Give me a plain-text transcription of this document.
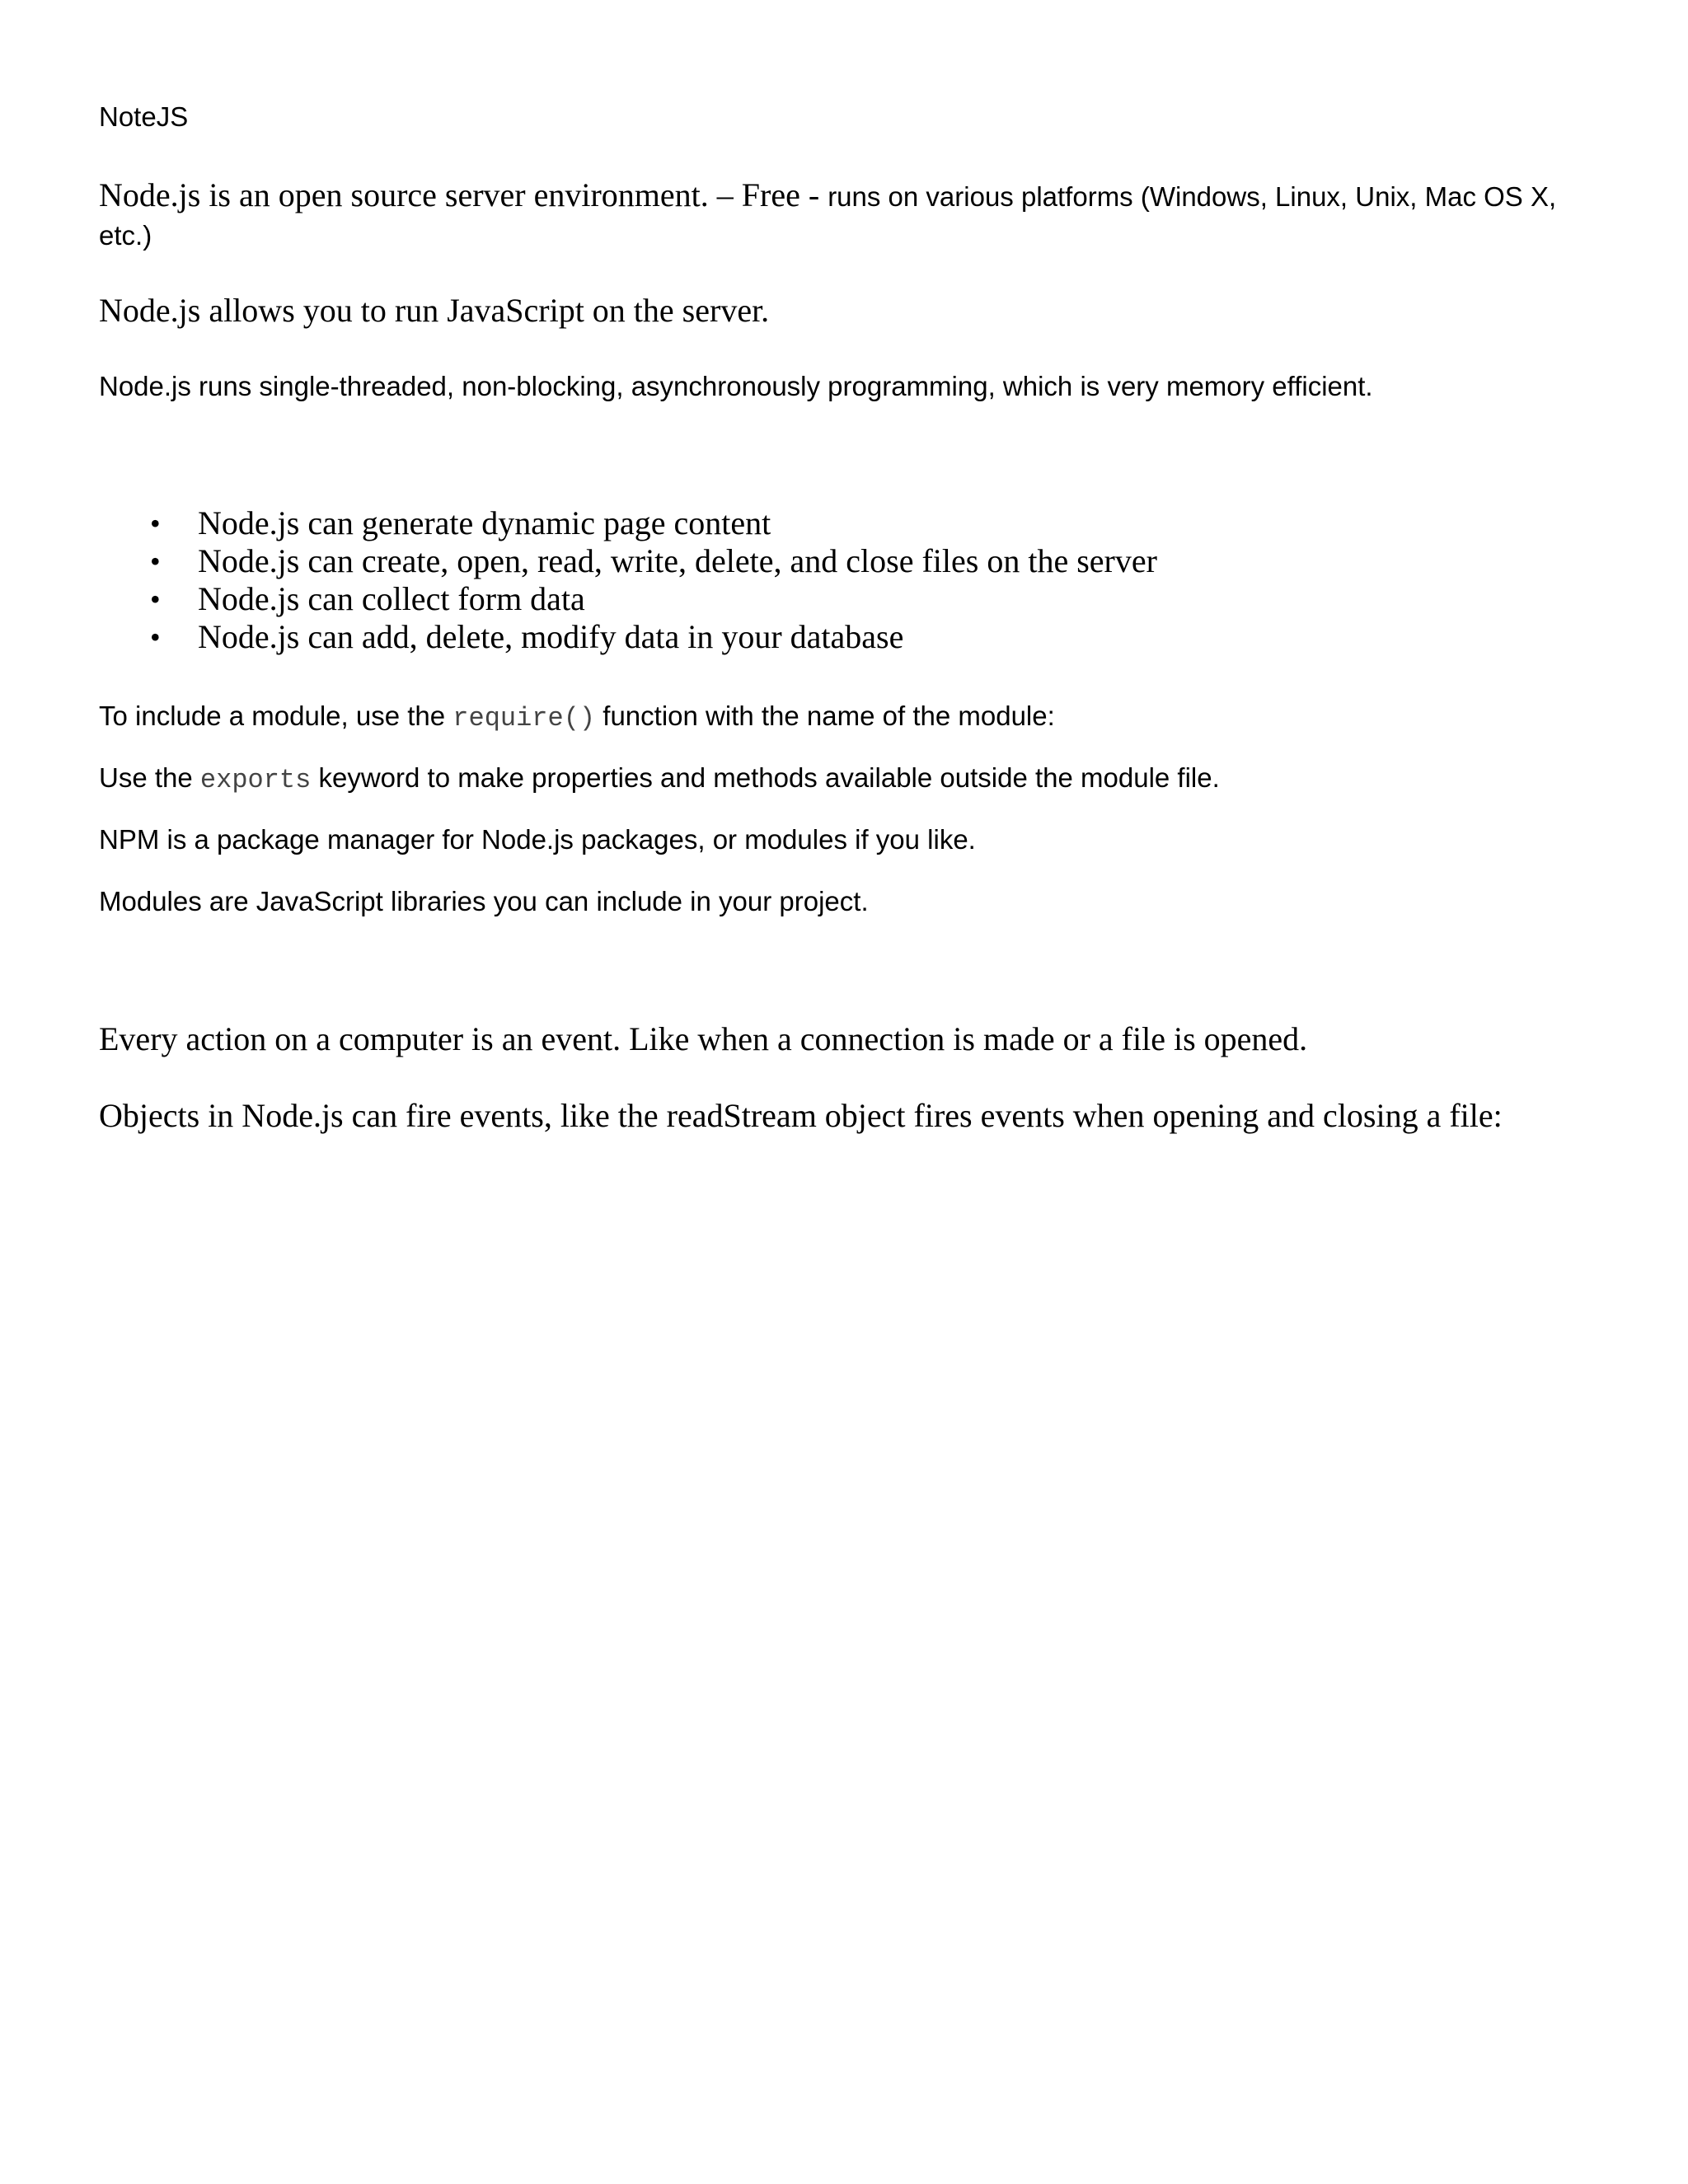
NoteJS
Node.js is an open source server environment. – Free - runs on various platforms (Windows, Linux, Unix, Mac OS X,
etc.)
Node.js allows you to run JavaScript on the server.
Node.js runs single-threaded, non-blocking, asynchronously programming, which is very memory efficient.
• Node.js can generate dynamic page content
• Node.js can create, open, read, write, delete, and close files on the server
• Node.js can collect form data
• Node.js can add, delete, modify data in your database
To include a module, use the require() function with the name of the module:
Use the exports keyword to make properties and methods available outside the module file.
NPM is a package manager for Node.js packages, or modules if you like.
Modules are JavaScript libraries you can include in your project.
Every action on a computer is an event. Like when a connection is made or a file is opened.
Objects in Node.js can fire events, like the readStream object fires events when opening and closing a file:
